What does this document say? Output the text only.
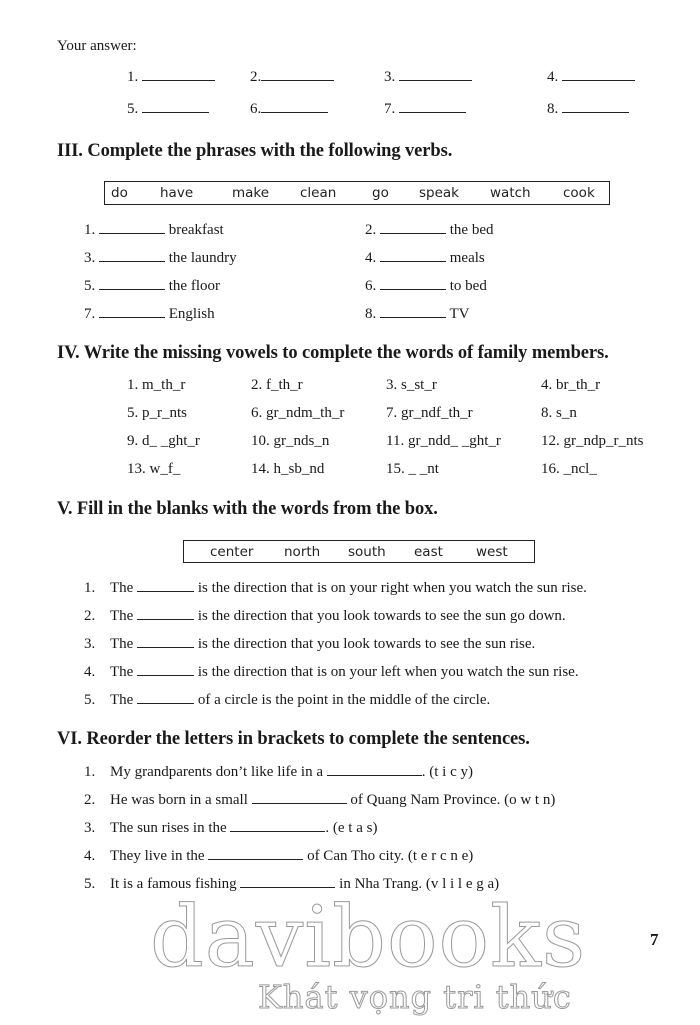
Your answer:
1.	2.	3.	4.
5.	6.	7.	8.
III. Complete the phrases with the following verbs.
do have	make clean	go speak watch cook
1.	breakfast	2.	the bed
3.	the laundry	4.	meals
5.	the floor	6.	to bed
7.	English	8.	TV
IV. Write the missing vowels to complete the words of family members.
1. m_th_r	2. f_th_r	3. s_st_r	4. br_th_r
5. p_r_nts	6. gr_ndm_th_r	7. gr_ndf_th_r	8. s_n
9. d_ _ght_r	10. gr_nds_n	11. gr_ndd_ _ght_r	12. gr_ndp_r_nts
13. w_f_	14. h_sb_nd	15. _ _nt	16. _ncl_
V. Fill in the blanks with the words from the box.
center north south east west
1. The	is the direction that is on your right when you watch the sun rise.
2. The	is the direction that you look towards to see the sun go down.
3. The	is the direction that you look towards to see the sun rise.
4. The	is the direction that is on your left when you watch the sun rise.
5. The	of a circle is the point in the middle of the circle.
VI. Reorder the letters in brackets to complete the sentences.
1. My grandparents don’t like life in a	. (t i c y)
2. He was born in a small	of Quang Nam Province. (o w t n)
3. The sun rises in the	. (e t a s)
4. They live in the	of Can Tho city. (t e r c n e)
5. It is a famous fishing	in Nha Trang. (v l i l e g a)
davibooks
Khát vọng tri thức
7
